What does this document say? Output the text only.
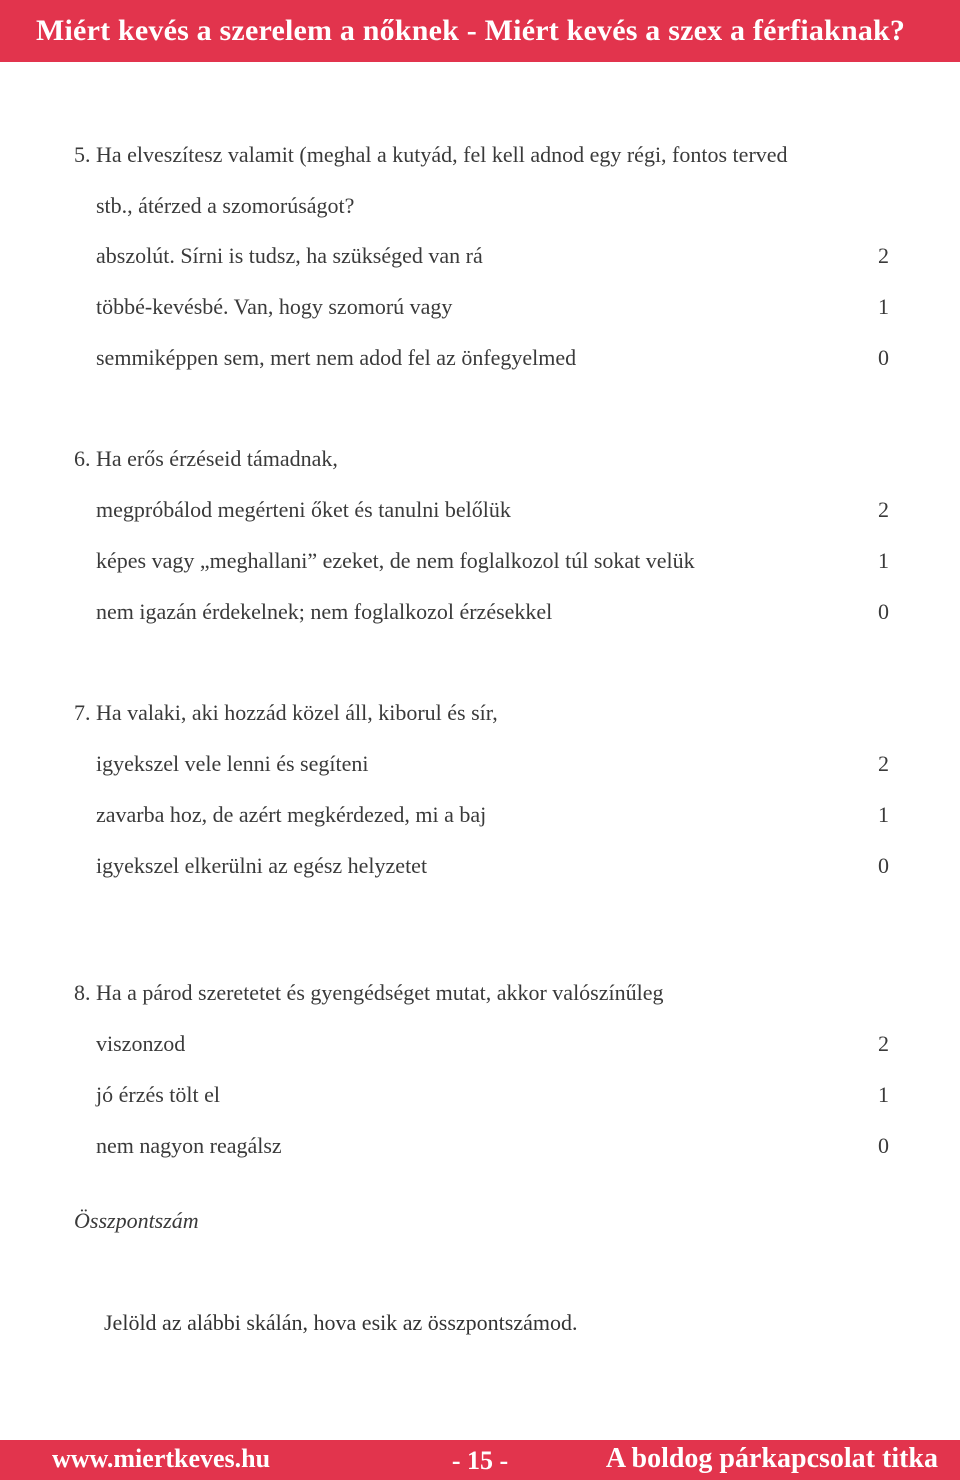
Miért kevés a szerelem a nőknek - Miért kevés a szex a férfiaknak?
5. Ha elveszítesz valamit (meghal a kutyád, fel kell adnod egy régi, fontos terved
stb., átérzed a szomorúságot?
abszolút. Sírni is tudsz, ha szükséged van rá	2
többé-kevésbé. Van, hogy szomorú vagy	1
semmiképpen sem, mert nem adod fel az önfegyelmed	0
6. Ha erős érzéseid támadnak,
megpróbálod megérteni őket és tanulni belőlük	2
képes vagy „meghallani” ezeket, de nem foglalkozol túl sokat velük	1
nem igazán érdekelnek; nem foglalkozol érzésekkel	0
7. Ha valaki, aki hozzád közel áll, kiborul és sír,
igyekszel vele lenni és segíteni	2
zavarba hoz, de azért megkérdezed, mi a baj	1
igyekszel elkerülni az egész helyzetet	0
8. Ha a párod szeretetet és gyengédséget mutat, akkor valószínűleg
viszonzod	2
jó érzés tölt el	1
nem nagyon reagálsz	0
Összpontszám
Jelöld az alábbi skálán, hova esik az összpontszámod.
www.miertkeves.hu	- 15 -	A boldog párkapcsolat titka
